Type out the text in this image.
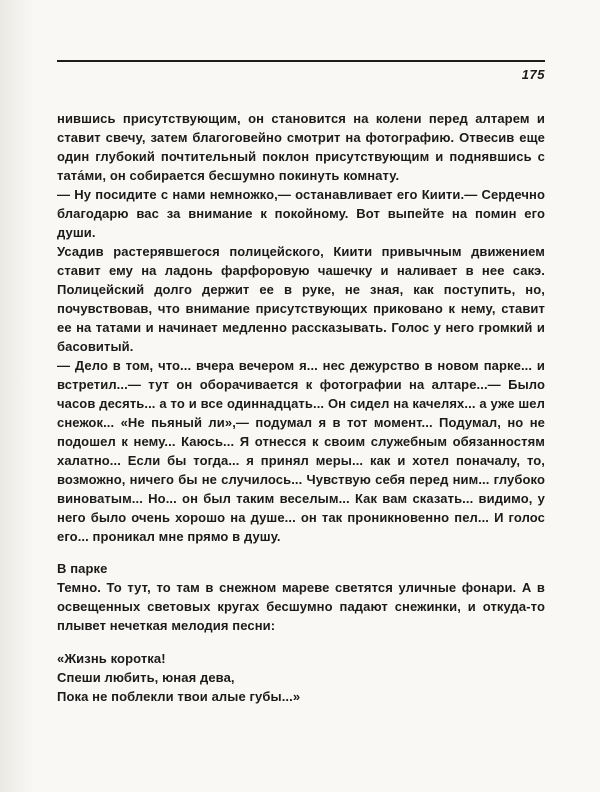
175

нившись присутствующим, он становится на колени перед алтарем и ставит свечу, затем благоговейно смотрит на фотографию. Отвесив еще один глубокий почтительный поклон присутствующим и поднявшись с тата́ми, он собирается бесшумно покинуть комнату.

— Ну посидите с нами немножко,— останавливает его Киити.— Сердечно благодарю вас за внимание к покойному. Вот выпейте на помин его души.

Усадив растерявшегося полицейского, Киити привычным движением ставит ему на ладонь фарфоровую чашечку и наливает в нее сакэ. Полицейский долго держит ее в руке, не зная, как поступить, но, почувствовав, что внимание присутствующих приковано к нему, ставит ее на татами и начинает медленно рассказывать. Голос у него громкий и басовитый.

— Дело в том, что... вчера вечером я... нес дежурство в новом парке... и встретил...— тут он оборачивается к фотографии на алтаре...— Было часов десять... а то и все одиннадцать... Он сидел на качелях... а уже шел снежок... «Не пьяный ли»,— подумал я в тот момент... Подумал, но не подошел к нему... Каюсь... Я отнесся к своим служебным обязанностям халатно... Если бы тогда... я принял меры... как и хотел поначалу, то, возможно, ничего бы не случилось... Чувствую себя перед ним... глубоко виноватым... Но... он был таким веселым... Как вам сказать... видимо, у него было очень хорошо на душе... он так проникновенно пел... И голос его... проникал мне прямо в душу.

В парке

Темно. То тут, то там в снежном мареве светятся уличные фонари. А в освещенных световых кругах бесшумно падают снежинки, и откуда-то плывет нечеткая мелодия песни:

«Жизнь коротка!

Спеши любить, юная дева,

Пока не поблекли твои алые губы...»
